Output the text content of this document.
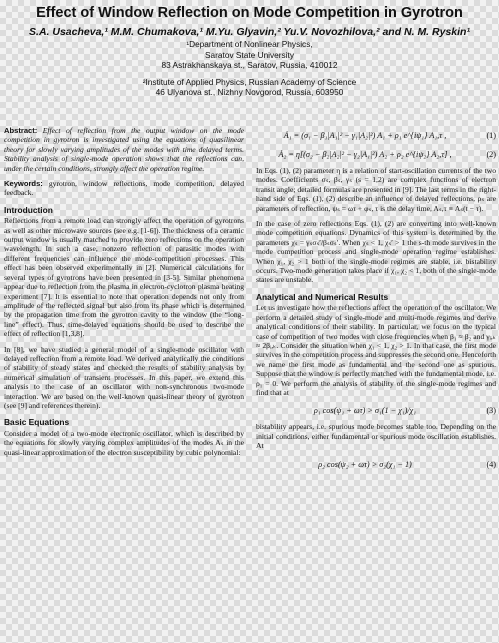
Effect of Window Reflection on Mode Competition in Gyrotron
S.A. Usacheva,¹ M.M. Chumakova,¹ M.Yu. Glyavin,² Yu.V. Novozhilova,² and N. M. Ryskin¹
¹Department of Nonlinear Physics,
Saratov State University
83 Astrakhanskaya st., Saratov, Russia, 410012
²Institute of Applied Physics, Russian Academy of Science
46 Ulyanova st., Nizhny Novgorod, Russia, 603950

Abstract: Effect of reflection from the output window on the mode competition in gyrotron is investigated using the equations of quasilinear theory for slowly varying amplitudes of the modes with time delayed terms. Stability analysis of single-mode operation shows that the reflections can, under the certain conditions, strongly affect the operation regime.

Keywords: gyrotron, window reflections, mode competition, delayed feedback.

Introduction

Reflections from a remote load can strongly affect the operation of gyrotrons as well as other microwave sources (see e.g. [1-6]). The thickness of a ceramic output window is usually matched to provide zero reflections on the operation wavelength. In such a case, nonzero reflection of parasitic modes with different frequencies can influence the mode-competition processes. This effect has been observed experimentally in [2]. Numerical calculations for several types of gyrotrons have been presented in [3-5]. Similar phenomena appear due to reflection from the plasma in electron-cyclotron plasma heating experiment [7]. It is essential to note that operation depends not only from amplitude of the reflected signal but also from its phase which is determined by the propagation time from the gyrotron cavity to the window (the “long-line” effect). Thus, time-delayed equations should be used to describe the effect of reflection [1,3,8].

In [8], we have studied a general model of a single-mode oscillator with delayed reflection from a remote load. We derived analytically the conditions of stability of steady states and checked the results of stability analysis by numerical simulation of transient processes. In this paper, we extend this analysis to the case of an oscillator with non-synchronous two-mode interaction. We are based on the well-known quasi-linear theory of gyrotron (see [9] and references therein).

Basic Equations

Consider a model of a two-mode electronic oscillator, which is described by the equations for slowly varying complex amplitudes of the modes Aₛ in the quasi-linear approximation of the electron susceptibility by cubic polynomial:

Ȧ₁ = (σ₁ − β₁|A₁|² − γ₁|A₂|²) A₁ + ρ₁ e^{iψ₁} A₁,τ ,	(1)
Ȧ₂ = η[(σ₂ − β₂|A₂|² − γ₂|A₁|²) A₂ + ρ₂ e^{iψ₂} A₂,τ] ,	(2)

In Eqs. (1), (2) parameter η is a relation of start-oscillation currents of the two modes. Coefficients σₛ, βₛ, γₛ (s = 1,2) are complex functions of electron transit angle; detailed formulas are presented in [9]. The last terms in the right-hand side of Eqs. (1), (2) describe an influence of delayed reflections, ρₛ are parameters of reflection, ψₛ = ωτ + φₛ, τ is the delay time, Aₛ,τ ≡ Aₛ(t − τ).

In the case of zero reflections Eqs. (1), (2) are converting into well-known mode competition equations. Dynamics of this system is determined by the parameters χₛ = γₛσₛ′/βₛσₛ′. When χₛ < 1, χₛ′ > 1 the s-th mode survives in the mode competition process and single-mode operation regime establishes. When χ₁, χ₂ > 1 both of the single-mode regimes are stable, i.e. bistability occurs. Two-mode generation takes place if χ₁, χ₂ < 1, both of the single-mode states are unstable.

Analytical and Numerical Results

Let us investigate how the reflections affect the operation of the oscillator. We perform a detailed study of single-mode and multi-mode regimes and derive analytical conditions of their stability. In particular, we focus on the typical case of competition of two modes with close frequencies when β₁ ≈ β₂ and γᵢ,ₖ ≈ 2βᵢ,ₖ. Consider the situation when χ₁ < 1, χ₂ > 1. In that case, the first mode survives in the competition process and suppresses the second one. Henceforth we name the first mode as fundamental and the second one as spurious. Suppose that the window is perfectly matched with the fundamental mode, i.e. ρ₁ = 0. We perform the analysis of stability of the single-mode regimes and find that at

ρ₁ cos(ψ₁ + ωτ) > σ₁(1 − χ₁)/χ₁	(3)

bistability appears, i.e. spurious mode becomes stable too. Depending on the initial conditions, either fundamental or spurious mode oscillation establishes. At

ρ₂ cos(ψ₂ + ωτ) > σ₂(χ₁ − 1)	(4)
